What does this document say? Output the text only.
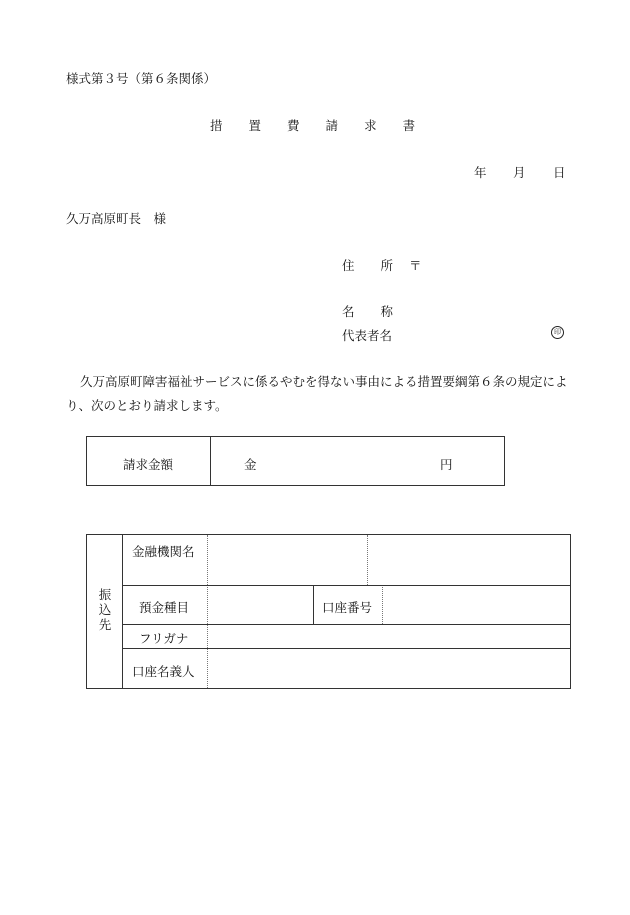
様式第３号（第６条関係）
措 置 費 請 求 書
年 月 日
久万高原町長　様
住 所 〒
名 称
代表者名	印
久万高原町障害福祉サービスに係るやむを得ない事由による措置要綱第６条の規定により、次のとおり請求します。
請求金額	金	円
振込先
金融機関名
預金種目	口座番号
フリガナ
口座名義人
